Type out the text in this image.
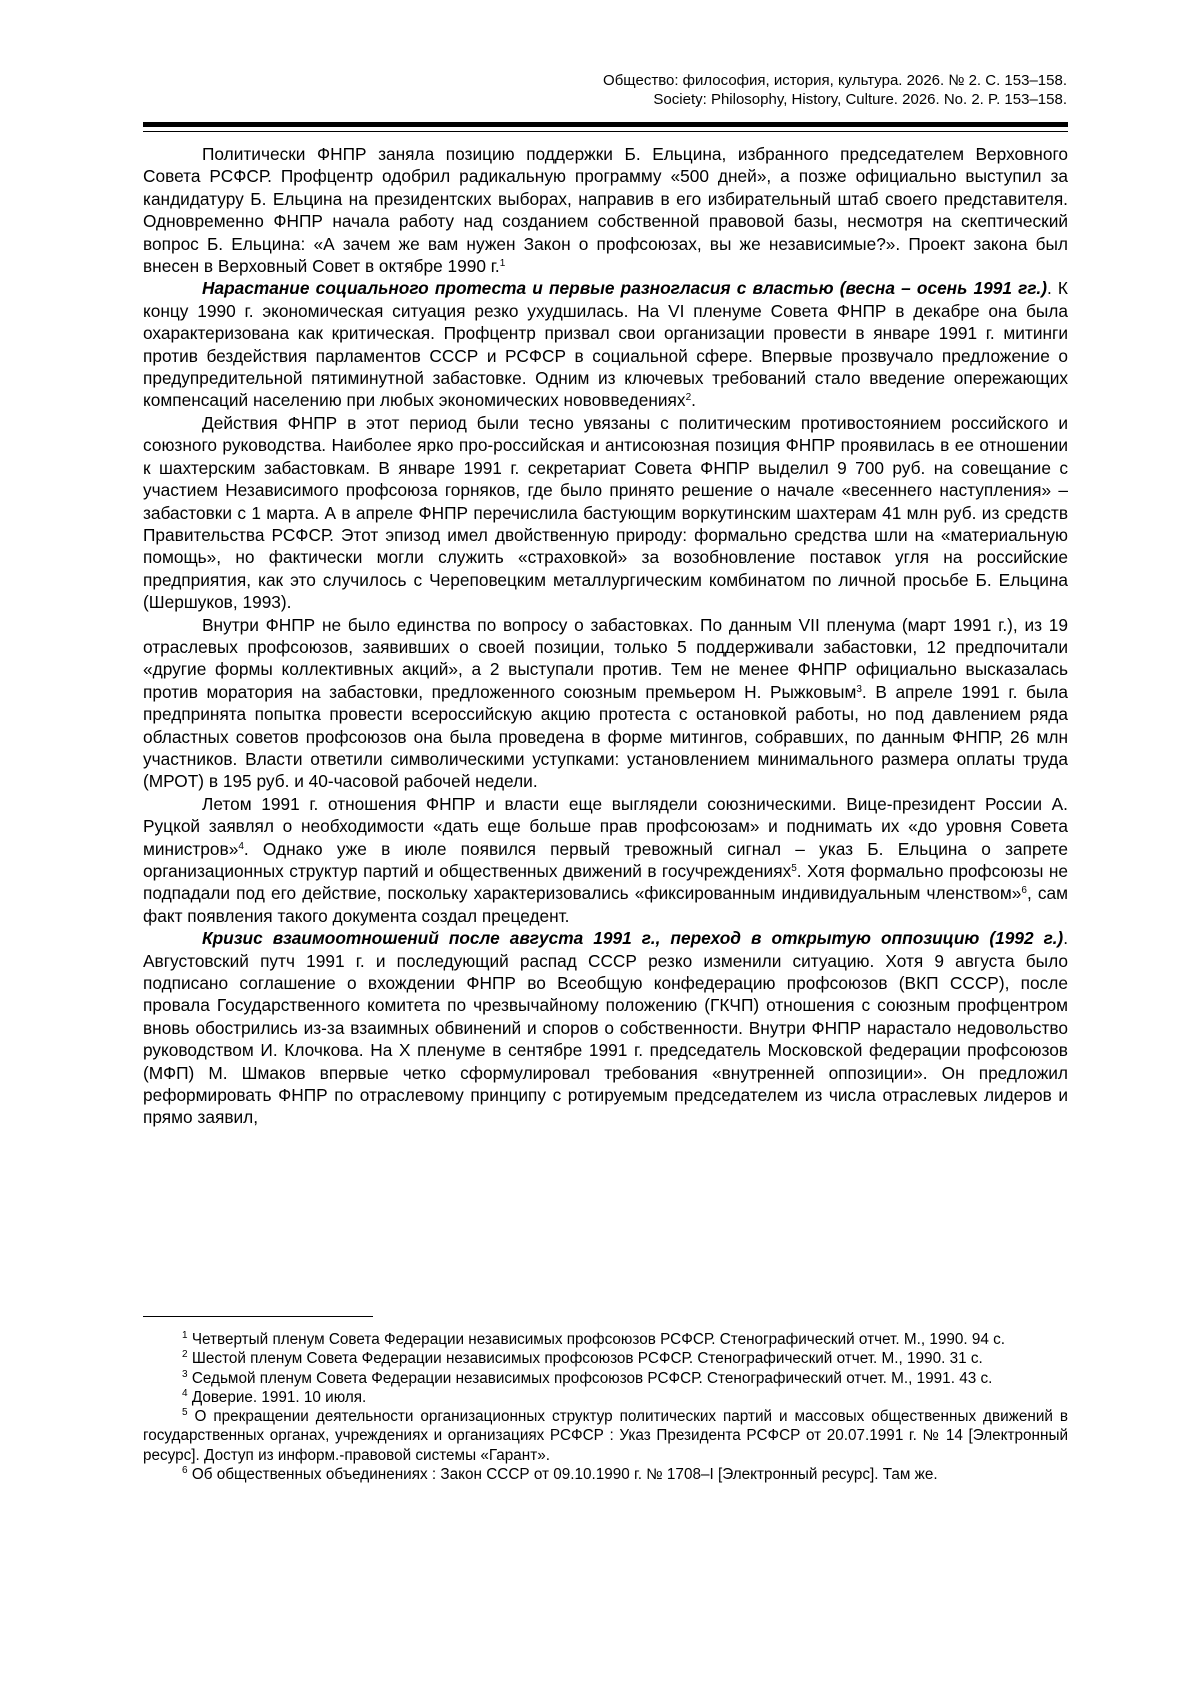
Общество: философия, история, культура. 2026. № 2. С. 153–158.
Society: Philosophy, History, Culture. 2026. No. 2. P. 153–158.

Политически ФНПР заняла позицию поддержки Б. Ельцина, избранного председателем Верховного Совета РСФСР. Профцентр одобрил радикальную программу «500 дней», а позже официально выступил за кандидатуру Б. Ельцина на президентских выборах, направив в его избирательный штаб своего представителя. Одновременно ФНПР начала работу над созданием собственной правовой базы, несмотря на скептический вопрос Б. Ельцина: «А зачем же вам нужен Закон о профсоюзах, вы же независимые?». Проект закона был внесен в Верховный Совет в октябре 1990 г.$^1$

Нарастание социального протеста и первые разногласия с властью (весна – осень 1991 гг.). К концу 1990 г. экономическая ситуация резко ухудшилась. На VI пленуме Совета ФНПР в декабре она была охарактеризована как критическая. Профцентр призвал свои организации провести в январе 1991 г. митинги против бездействия парламентов СССР и РСФСР в социальной сфере. Впервые прозвучало предложение о предупредительной пятиминутной забастовке. Одним из ключевых требований стало введение опережающих компенсаций населению при любых экономических нововведениях$^2$.

Действия ФНПР в этот период были тесно увязаны с политическим противостоянием российского и союзного руководства. Наиболее ярко про-российская и антисоюзная позиция ФНПР проявилась в ее отношении к шахтерским забастовкам. В январе 1991 г. секретариат Совета ФНПР выделил 9 700 руб. на совещание с участием Независимого профсоюза горняков, где было принято решение о начале «весеннего наступления» – забастовки с 1 марта. А в апреле ФНПР перечислила бастующим воркутинским шахтерам 41 млн руб. из средств Правительства РСФСР. Этот эпизод имел двойственную природу: формально средства шли на «материальную помощь», но фактически могли служить «страховкой» за возобновление поставок угля на российские предприятия, как это случилось с Череповецким металлургическим комбинатом по личной просьбе Б. Ельцина (Шершуков, 1993).

Внутри ФНПР не было единства по вопросу о забастовках. По данным VII пленума (март 1991 г.), из 19 отраслевых профсоюзов, заявивших о своей позиции, только 5 поддерживали забастовки, 12 предпочитали «другие формы коллективных акций», а 2 выступали против. Тем не менее ФНПР официально высказалась против моратория на забастовки, предложенного союзным премьером Н. Рыжковым$^3$. В апреле 1991 г. была предпринята попытка провести всероссийскую акцию протеста с остановкой работы, но под давлением ряда областных советов профсоюзов она была проведена в форме митингов, собравших, по данным ФНПР, 26 млн участников. Власти ответили символическими уступками: установлением минимального размера оплаты труда (МРОТ) в 195 руб. и 40-часовой рабочей недели.

Летом 1991 г. отношения ФНПР и власти еще выглядели союзническими. Вице-президент России А. Руцкой заявлял о необходимости «дать еще больше прав профсоюзам» и поднимать их «до уровня Совета министров»$^4$. Однако уже в июле появился первый тревожный сигнал – указ Б. Ельцина о запрете организационных структур партий и общественных движений в госучреждениях$^5$. Хотя формально профсоюзы не подпадали под его действие, поскольку характеризовались «фиксированным индивидуальным членством»$^6$, сам факт появления такого документа создал прецедент.

Кризис взаимоотношений после августа 1991 г., переход в открытую оппозицию (1992 г.). Августовский путч 1991 г. и последующий распад СССР резко изменили ситуацию. Хотя 9 августа было подписано соглашение о вхождении ФНПР во Всеобщую конфедерацию профсоюзов (ВКП СССР), после провала Государственного комитета по чрезвычайному положению (ГКЧП) отношения с союзным профцентром вновь обострились из-за взаимных обвинений и споров о собственности. Внутри ФНПР нарастало недовольство руководством И. Клочкова. На X пленуме в сентябре 1991 г. председатель Московской федерации профсоюзов (МФП) М. Шмаков впервые четко сформулировал требования «внутренней оппозиции». Он предложил реформировать ФНПР по отраслевому принципу с ротируемым председателем из числа отраслевых лидеров и прямо заявил,

$^1$ Четвертый пленум Совета Федерации независимых профсоюзов РСФСР. Стенографический отчет. М., 1990. 94 с.

$^2$ Шестой пленум Совета Федерации независимых профсоюзов РСФСР. Стенографический отчет. М., 1990. 31 с.

$^3$ Седьмой пленум Совета Федерации независимых профсоюзов РСФСР. Стенографический отчет. М., 1991. 43 с.

$^4$ Доверие. 1991. 10 июля.

$^5$ О прекращении деятельности организационных структур политических партий и массовых общественных движений в государственных органах, учреждениях и организациях РСФСР : Указ Президента РСФСР от 20.07.1991 г. № 14 [Электронный ресурс]. Доступ из информ.-правовой системы «Гарант».

$^6$ Об общественных объединениях : Закон СССР от 09.10.1990 г. № 1708–I [Электронный ресурс]. Там же.
